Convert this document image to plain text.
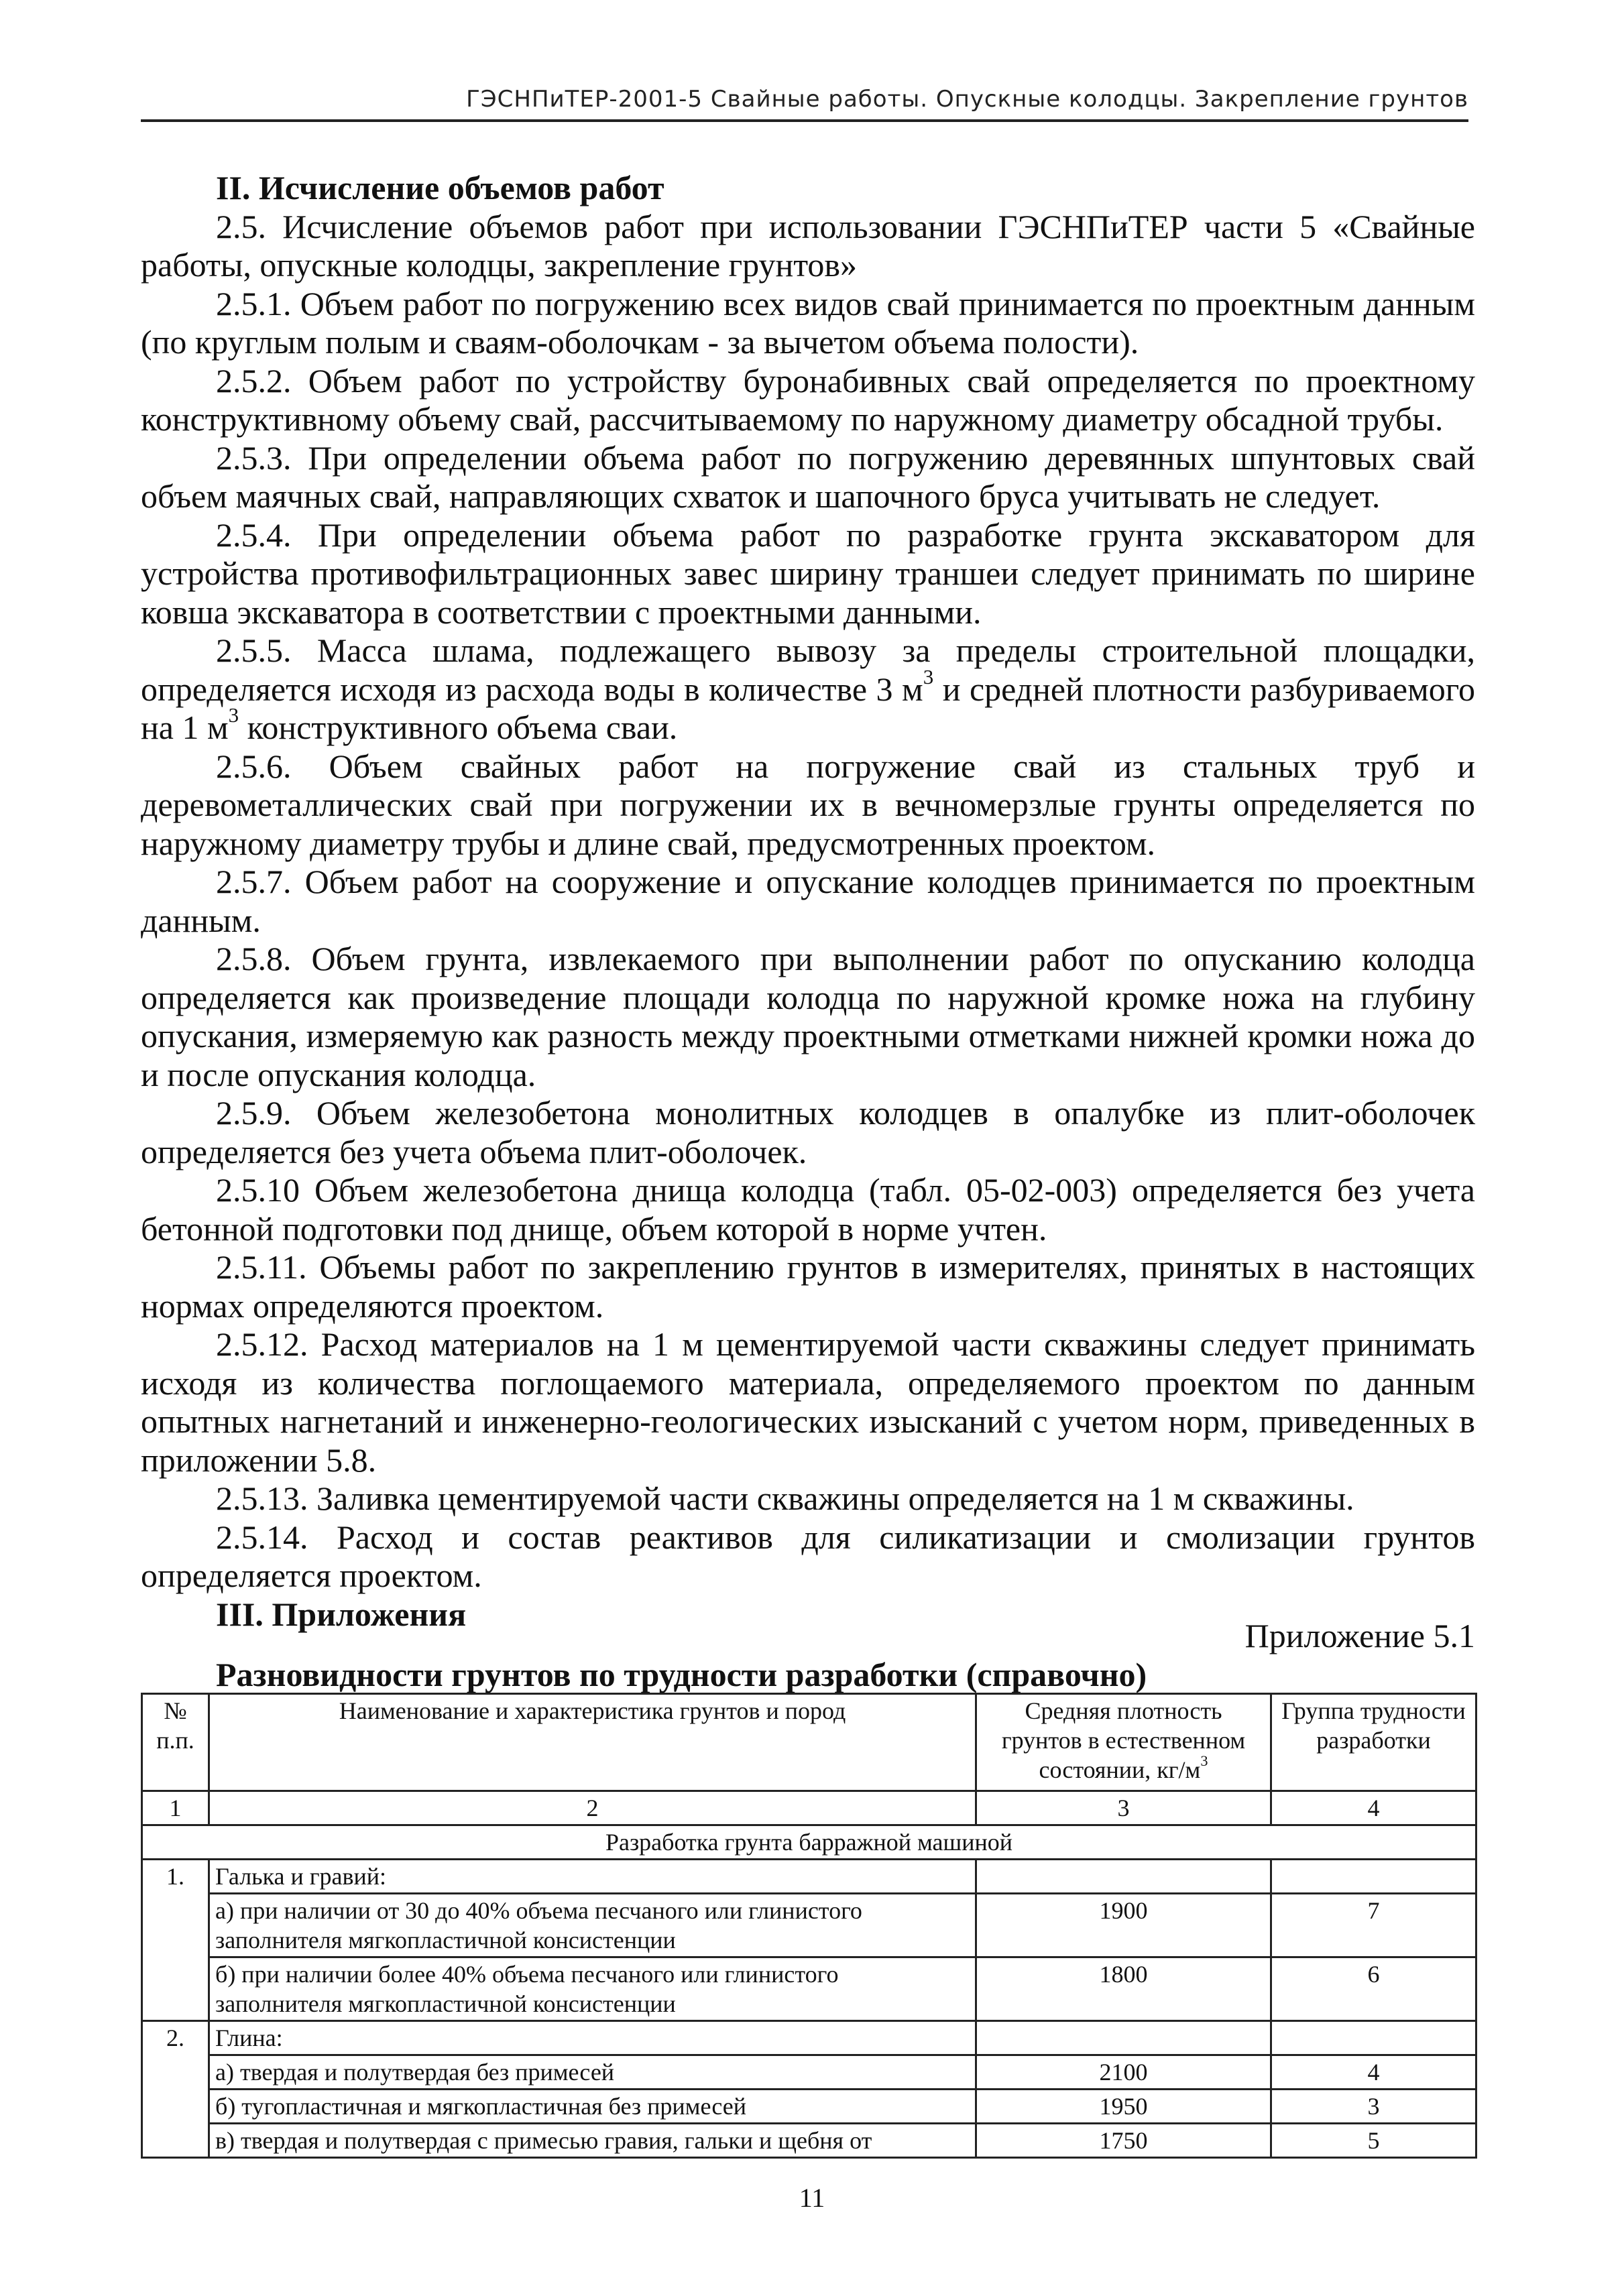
ГЭСНПиТЕР-2001-5 Свайные работы. Опускные колодцы. Закрепление грунтов
II. Исчисление объемов работ

2.5. Исчисление объемов работ при использовании ГЭСНПиТЕР части 5 «Свайные работы, опускные колодцы, закрепление грунтов»

2.5.1. Объем работ по погружению всех видов свай принимается по проектным данным (по круглым полым и сваям-оболочкам - за вычетом объема полости).

2.5.2. Объем работ по устройству буронабивных свай определяется по проектному конструктивному объему свай, рассчитываемому по наружному диаметру обсадной трубы.

2.5.3. При определении объема работ по погружению деревянных шпунтовых свай объем маячных свай, направляющих схваток и шапочного бруса учитывать не следует.

2.5.4. При определении объема работ по разработке грунта экскаватором для устройства противофильтрационных завес ширину траншеи следует принимать по ширине ковша экскаватора в соответствии с проектными данными.

2.5.5. Масса шлама, подлежащего вывозу за пределы строительной площадки, определяется исходя из расхода воды в количестве 3 $м^3$ и средней плотности разбуриваемого на 1 $м^3$ конструктивного объема сваи.

2.5.6. Объем свайных работ на погружение свай из стальных труб и деревометаллических свай при погружении их в вечномерзлые грунты определяется по наружному диаметру трубы и длине свай, предусмотренных проектом.

2.5.7. Объем работ на сооружение и опускание колодцев принимается по проектным данным.

2.5.8. Объем грунта, извлекаемого при выполнении работ по опусканию колодца определяется как произведение площади колодца по наружной кромке ножа на глубину опускания, измеряемую как разность между проектными отметками нижней кромки ножа до и после опускания колодца.

2.5.9. Объем железобетона монолитных колодцев в опалубке из плит-оболочек определяется без учета объема плит-оболочек.

2.5.10 Объем железобетона днища колодца (табл. 05-02-003) определяется без учета бетонной подготовки под днище, объем которой в норме учтен.

2.5.11. Объемы работ по закреплению грунтов в измерителях, принятых в настоящих нормах определяются проектом.

2.5.12. Расход материалов на 1 м цементируемой части скважины следует принимать исходя из количества поглощаемого материала, определяемого проектом по данным опытных нагнетаний и инженерно-геологических изысканий с учетом норм, приведенных в приложении 5.8.

2.5.13. Заливка цементируемой части скважины определяется на 1 м скважины.

2.5.14. Расход и состав реактивов для силикатизации и смолизации грунтов определяется проектом.

III. Приложения
Приложение 5.1
Разновидности грунтов по трудности разработки (справочно)
№ п.п.	Наименование и характеристика грунтов и пород	Средняя плотность грунтов в естественном состоянии, $кг/м^3$	Группа трудности разработки
1	2	3	4
Разработка грунта барражной машиной			
1.	Галька и гравий:		
	а) при наличии от 30 до 40% объема песчаного или глинистого заполнителя мягкопластичной консистенции	1900	7
	б) при наличии более 40% объема песчаного или глинистого заполнителя мягкопластичной консистенции	1800	6
2.	Глина:		
	а) твердая и полутвердая без примесей	2100	4
	б) тугопластичная и мягкопластичная без примесей	1950	3
	в) твердая и полутвердая с примесью гравия, гальки и щебня от	1750	5
11
